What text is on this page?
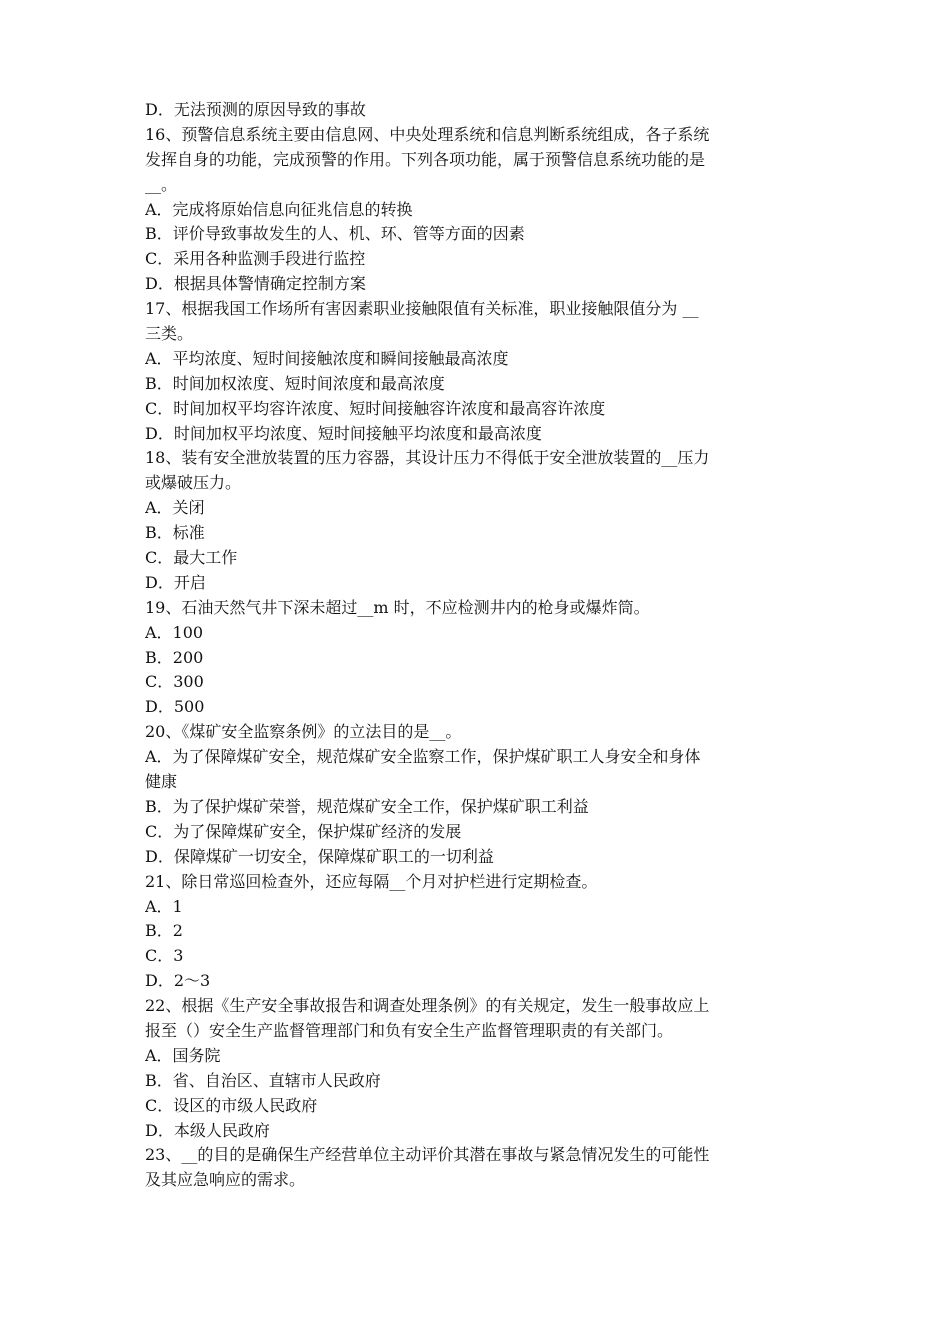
D．无法预测的原因导致的事故
16、预警信息系统主要由信息网、中央处理系统和信息判断系统组成，各子系统
发挥自身的功能，完成预警的作用。下列各项功能，属于预警信息系统功能的是
__。
A．完成将原始信息向征兆信息的转换
B．评价导致事故发生的人、机、环、管等方面的因素
C．采用各种监测手段进行监控
D．根据具体警情确定控制方案
17、根据我国工作场所有害因素职业接触限值有关标准，职业接触限值分为 __
三类。
A．平均浓度、短时间接触浓度和瞬间接触最高浓度
B．时间加权浓度、短时间浓度和最高浓度
C．时间加权平均容许浓度、短时间接触容许浓度和最高容许浓度
D．时间加权平均浓度、短时间接触平均浓度和最高浓度
18、装有安全泄放装置的压力容器，其设计压力不得低于安全泄放装置的__压力
或爆破压力。
A．关闭
B．标准
C．最大工作
D．开启
19、石油天然气井下深未超过__m 时，不应检测井内的枪身或爆炸筒。
A．100
B．200
C．300
D．500
20、《煤矿安全监察条例》的立法目的是__。
A．为了保障煤矿安全，规范煤矿安全监察工作，保护煤矿职工人身安全和身体
健康
B．为了保护煤矿荣誉，规范煤矿安全工作，保护煤矿职工利益
C．为了保障煤矿安全，保护煤矿经济的发展
D．保障煤矿一切安全，保障煤矿职工的一切利益
21、除日常巡回检查外，还应每隔__个月对护栏进行定期检查。
A．1
B．2
C．3
D．2～3
22、根据《生产安全事故报告和调查处理条例》的有关规定，发生一般事故应上
报至（）安全生产监督管理部门和负有安全生产监督管理职责的有关部门。
A．国务院
B．省、自治区、直辖市人民政府
C．设区的市级人民政府
D．本级人民政府
23、__的目的是确保生产经营单位主动评价其潜在事故与紧急情况发生的可能性
及其应急响应的需求。
